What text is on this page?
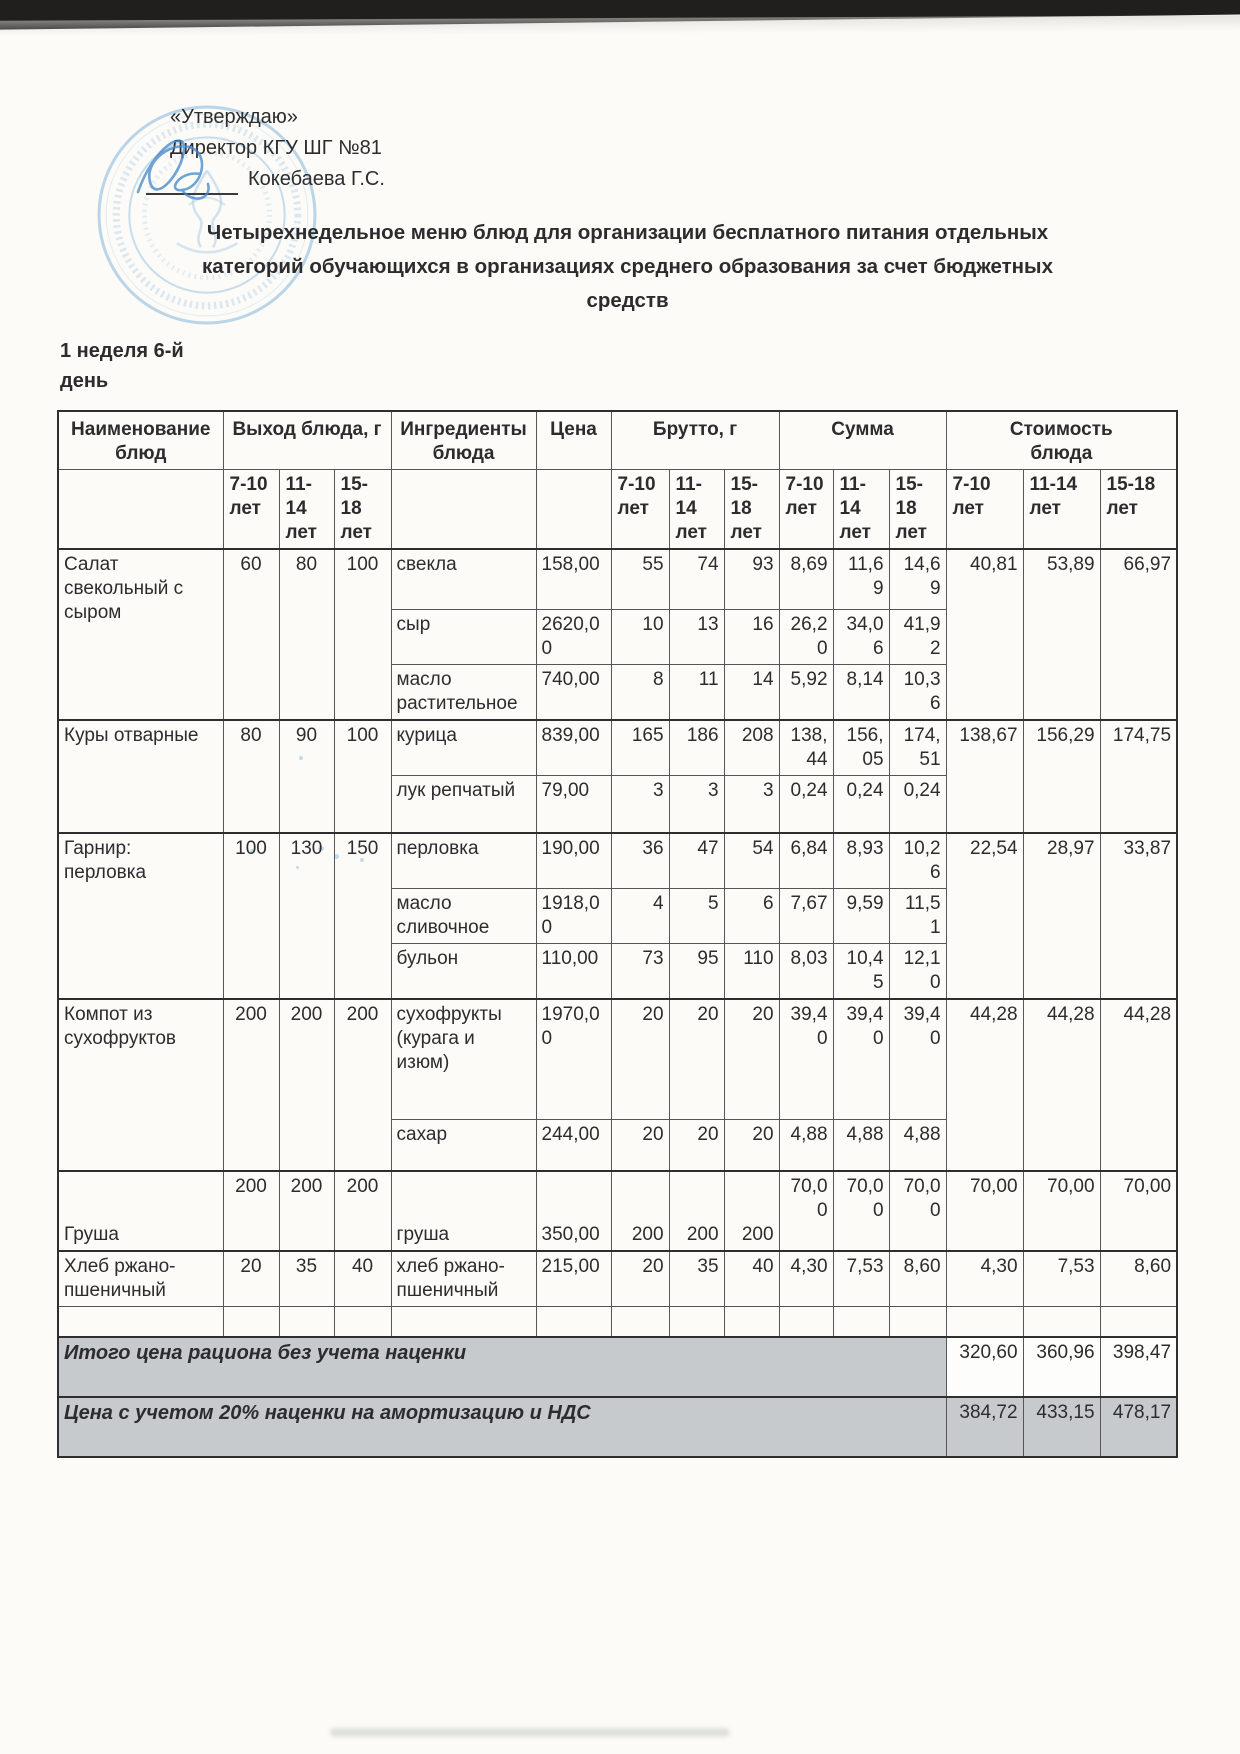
«Утверждаю»
Директор КГУ ШГ №81
Кокебаева Г.С.
Четырехнедельное меню блюд для организации бесплатного питания отдельных категорий обучающихся в организациях среднего образования за счет бюджетных средств
1 неделя 6-й
день
Наименование блюд	Выход блюда, г			Ингредиенты блюда	Цена	Брутто, г			Сумма			Стоимость блюда		

	7-10 лет	11-14 лет	15-18 лет			7-10 лет	11-14 лет	15-18 лет	7-10 лет	11-14 лет	15-18 лет	7-10 лет	11-14 лет	15-18 лет
Салат свекольный с сыром	60	80	100	свекла	158,00	55	74	93	8,69	11,69	14,69	40,81	53,89	66,97
				сыр	2620,00	10	13	16	26,20	34,06	41,92			
				масло растительное	740,00	8	11	14	5,92	8,14	10,36			
Куры отварные	80	90	100	курица	839,00	165	186	208	138,44	156,05	174,51	138,67	156,29	174,75
				лук репчатый	79,00	3	3	3	0,24	0,24	0,24			
Гарнир: перловка	100	130	150	перловка	190,00	36	47	54	6,84	8,93	10,26	22,54	28,97	33,87
				масло сливочное	1918,00	4	5	6	7,67	9,59	11,51			
				бульон	110,00	73	95	110	8,03	10,45	12,10			
Компот из сухофруктов	200	200	200	сухофрукты (курага и изюм)	1970,00	20	20	20	39,40	39,40	39,40	44,28	44,28	44,28
				сахар	244,00	20	20	20	4,88	4,88	4,88			
Груша	200	200	200	груша	350,00	200	200	200	70,00	70,00	70,00	70,00	70,00	70,00
Хлеб ржано-пшеничный	20	35	40	хлеб ржано-пшеничный	215,00	20	35	40	4,30	7,53	8,60	4,30	7,53	8,60

Итого цена рациона без учета наценки												320,60	360,96	398,47
Цена с учетом 20% наценки на амортизацию и НДС												384,72	433,15	478,17
